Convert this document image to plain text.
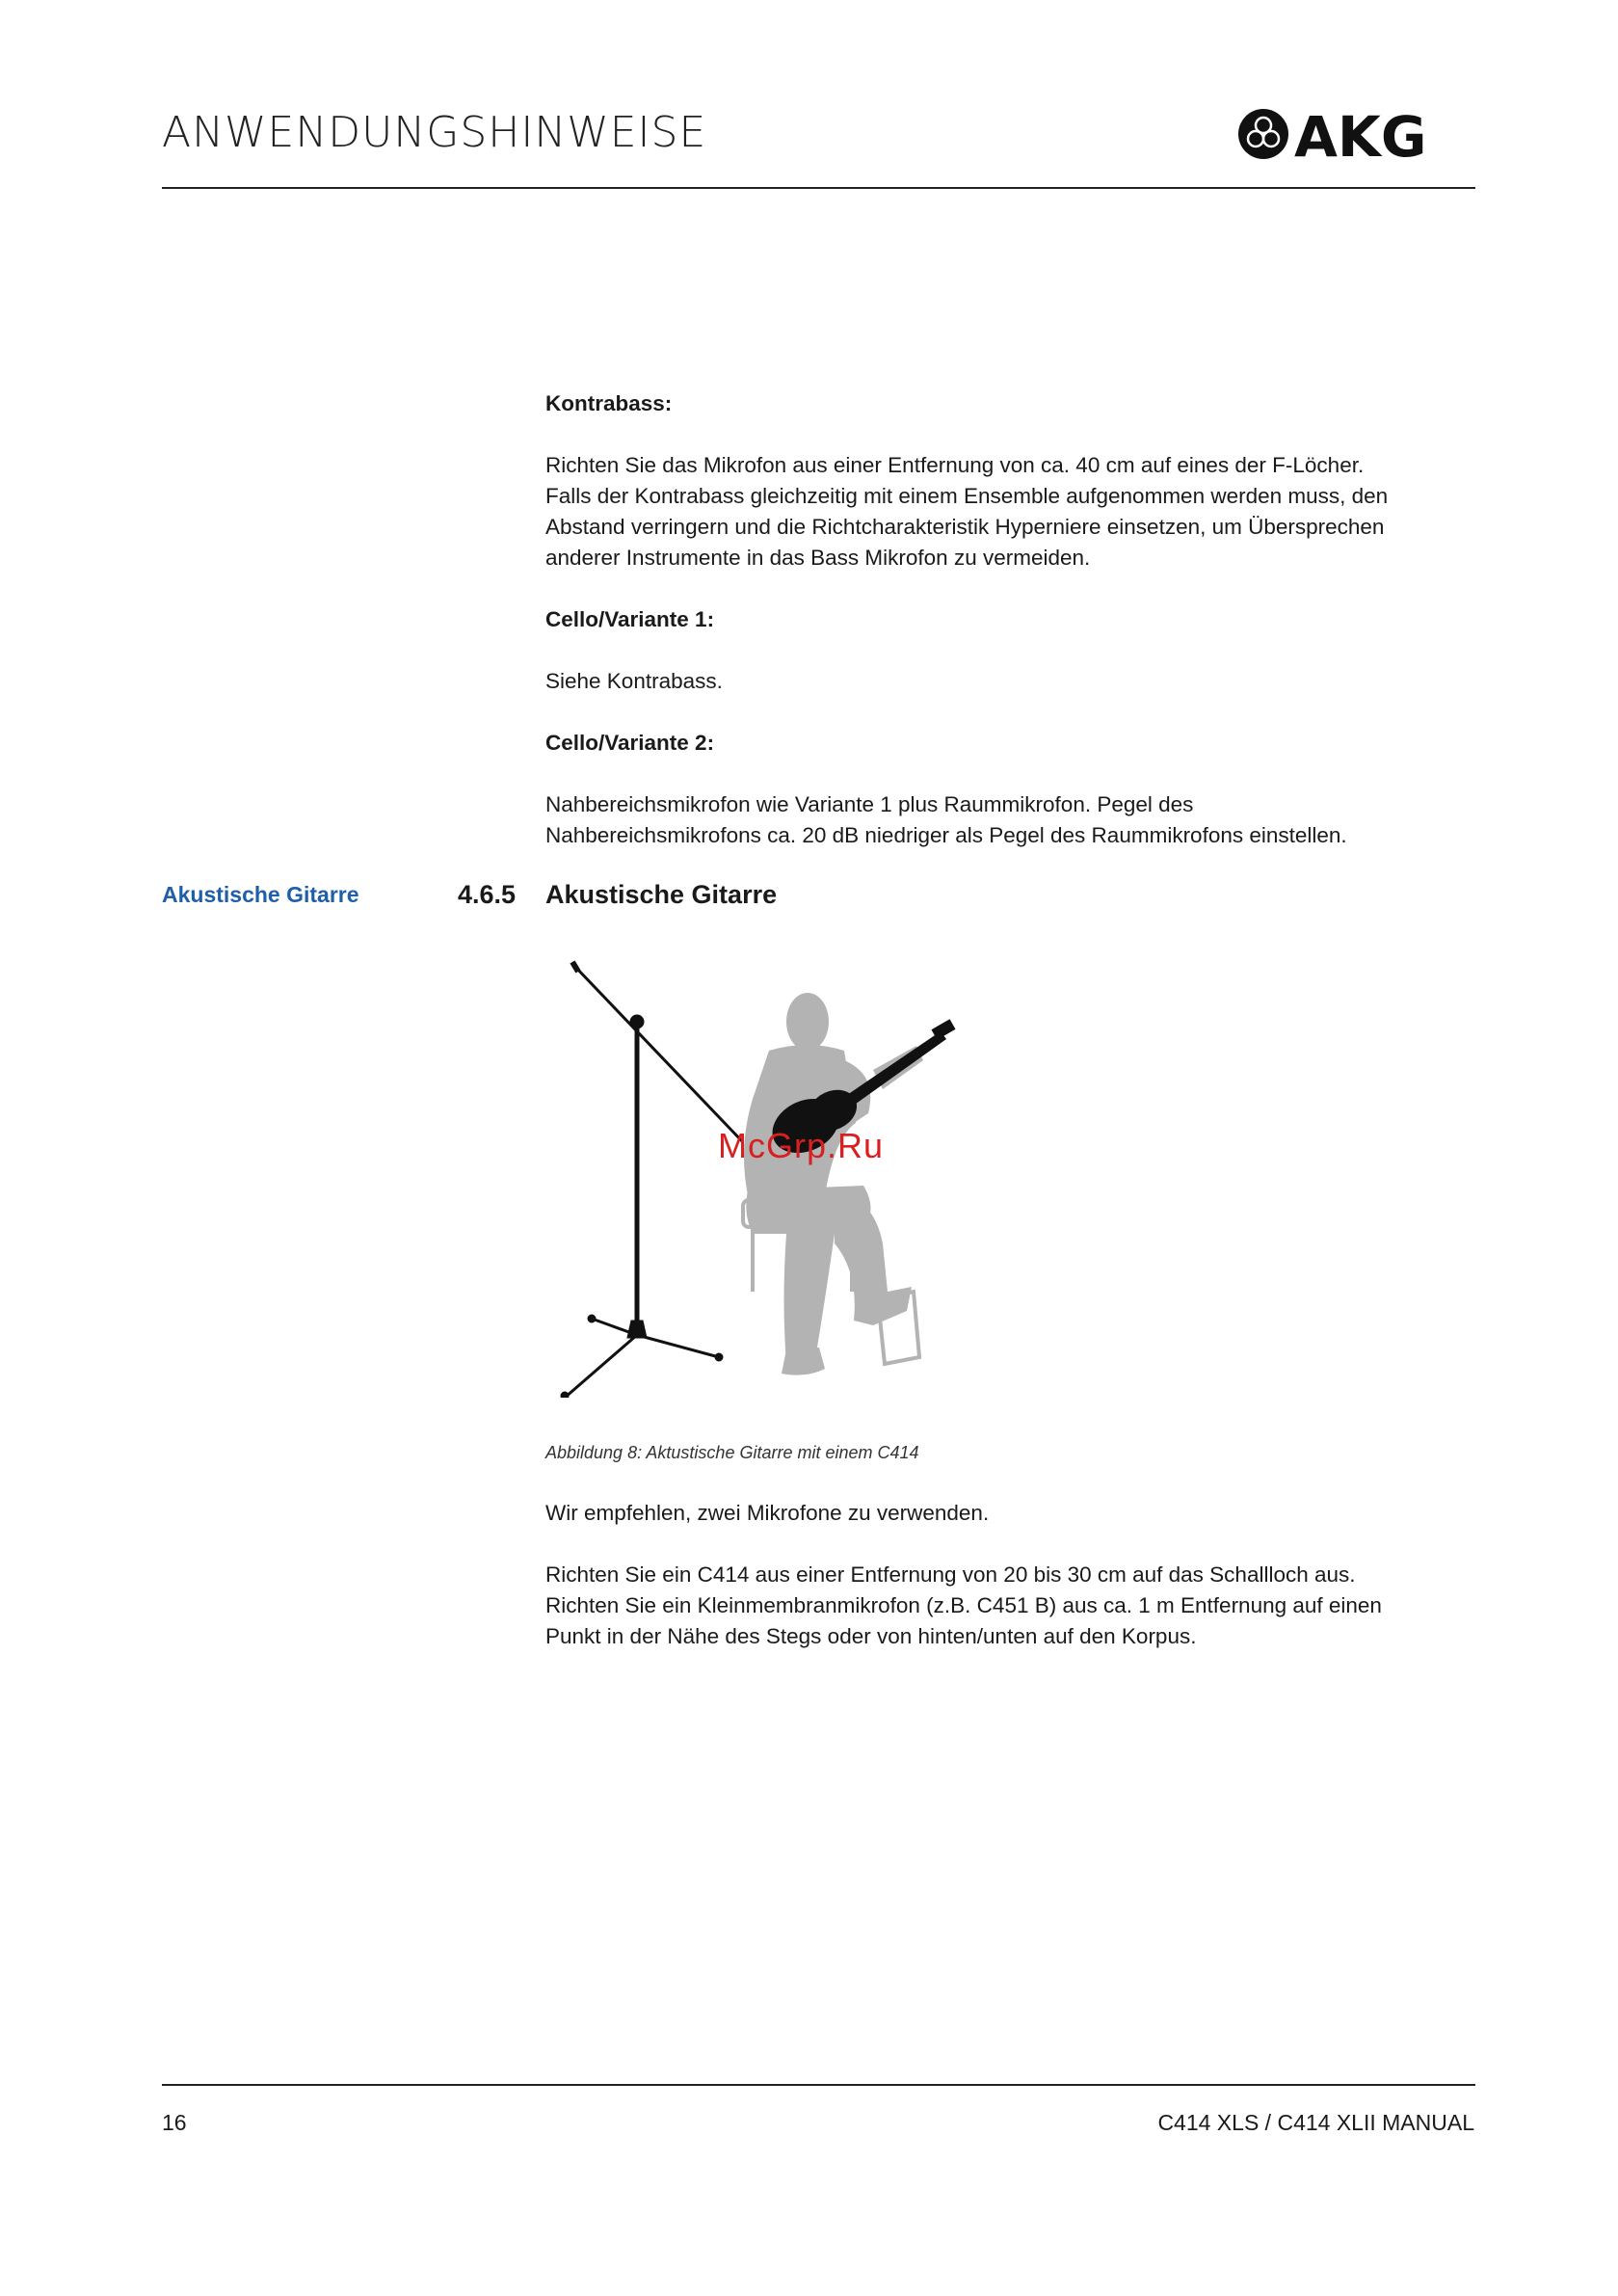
ANWENDUNGSHINWEISE	AKG
Kontrabass:
Richten Sie das Mikrofon aus einer Entfernung von ca. 40 cm auf eines der F-Löcher.
Falls der Kontrabass gleichzeitig mit einem Ensemble aufgenommen werden muss, den
Abstand verringern und die Richtcharakteristik Hyperniere einsetzen, um Übersprechen
anderer Instrumente in das Bass Mikrofon zu vermeiden.
Cello/Variante 1:
Siehe Kontrabass.
Cello/Variante 2:
Nahbereichsmikrofon wie Variante 1 plus Raummikrofon. Pegel des
Nahbereichsmikrofons ca. 20 dB niedriger als Pegel des Raummikrofons einstellen.
Akustische Gitarre	4.6.5 Akustische Gitarre
McGrp.Ru
Abbildung 8: Aktustische Gitarre mit einem C414
Wir empfehlen, zwei Mikrofone zu verwenden.
Richten Sie ein C414 aus einer Entfernung von 20 bis 30 cm auf das Schallloch aus.
Richten Sie ein Kleinmembranmikrofon (z.B. C451 B) aus ca. 1 m Entfernung auf einen
Punkt in der Nähe des Stegs oder von hinten/unten auf den Korpus.
16	C414 XLS / C414 XLII MANUAL
